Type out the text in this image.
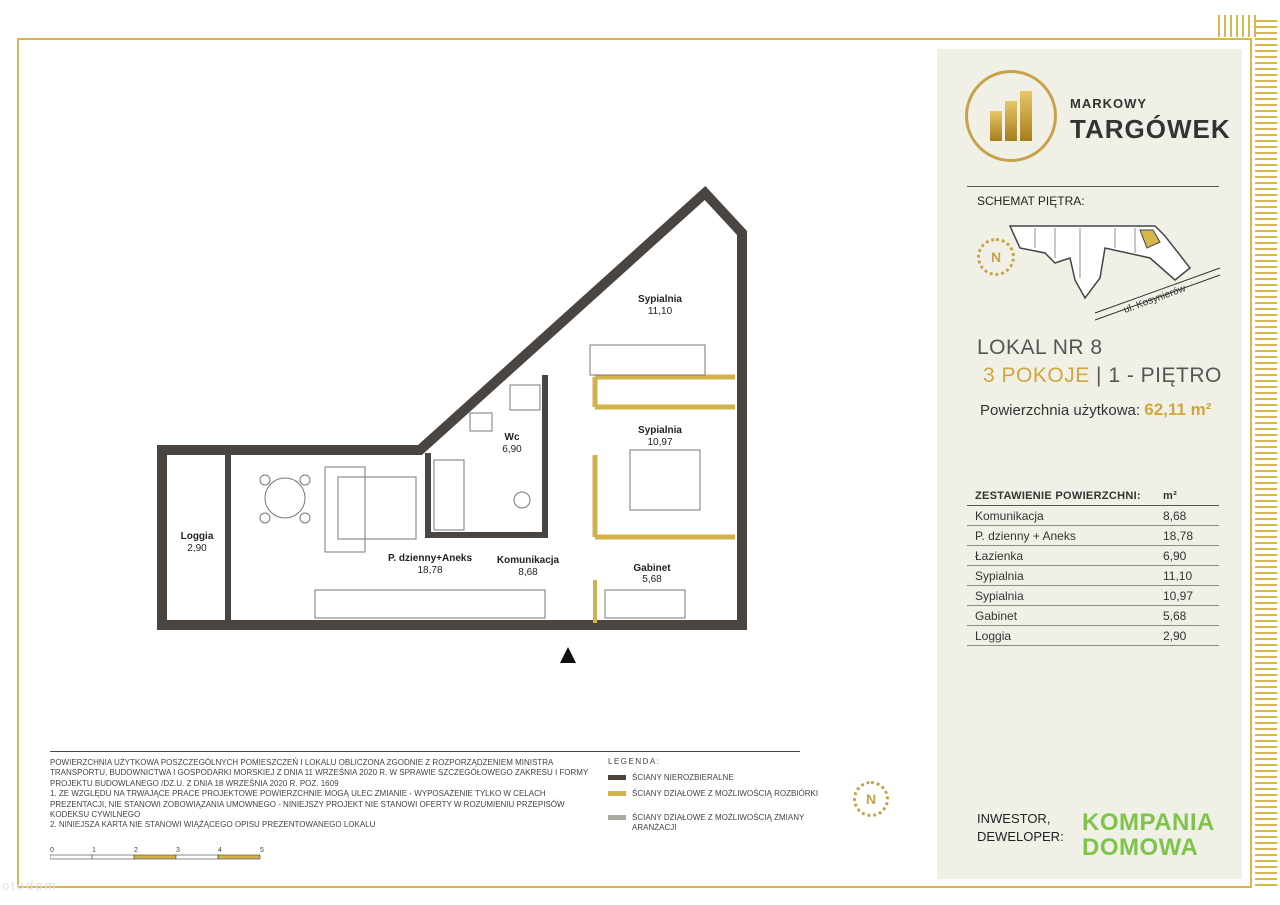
MARKOWY
TARGÓWEK
SCHEMAT PIĘTRA:
N
ul. Kosynierów
LOKAL NR 8
3 POKOJE | 1 - PIĘTRO
Powierzchnia użytkowa: 62,11 m²
ZESTAWIENIE POWIERZCHNI: m²
Komunikacja	8,68
P. dzienny + Aneks	18,78
Łazienka	6,90
Sypialnia	11,10
Sypialnia	10,97
Gabinet	5,68
Loggia	2,90
INWESTOR,
DEWELOPER:
KOMPANIA
DOMOWA
Sypialnia
11,10
Sypialnia
10,97
Wc
6,90
P. dzienny+Aneks
18,78
Komunikacja
8,68	Gabinet
5,68
Loggia
2,90
POWIERZCHNIA UŻYTKOWA POSZCZEGÓLNYCH POMIESZCZEŃ I LOKALU OBLICZONA ZGODNIE Z ROZPORZĄDZENIEM MINISTRA TRANSPORTU, BUDOWNICTWA I GOSPODARKI MORSKIEJ Z DNIA 11 WRZEŚNIA 2020 R. W SPRAWIE SZCZEGÓŁOWEGO ZAKRESU I FORMY PROJEKTU BUDOWLANEGO /DZ.U. Z DNIA 18 WRZEŚNIA 2020 R. POZ. 1609
1. ZE WZGLĘDU NA TRWAJĄCE PRACE PROJEKTOWE POWIERZCHNIE MOGĄ ULEC ZMIANIE - WYPOSAŻENIE TYLKO W CELACH PREZENTACJI, NIE STANOWI ZOBOWIĄZANIA UMOWNEGO - NINIEJSZY PROJEKT NIE STANOWI OFERTY W ROZUMIENIU PRZEPISÓW KODEKSU CYWILNEGO
2. NINIEJSZA KARTA NIE STANOWI WIĄŻĄCEGO OPISU PREZENTOWANEGO LOKALU
LEGENDA:
ŚCIANY NIEROZBIERALNE
ŚCIANY DZIAŁOWE Z MOŻLIWOŚCIĄ ROZBIÓRKI
ŚCIANY DZIAŁOWE Z MOŻLIWOŚCIĄ ZMIANY ARANŻACJI
0	1	2	3	4	5
N
otodom
